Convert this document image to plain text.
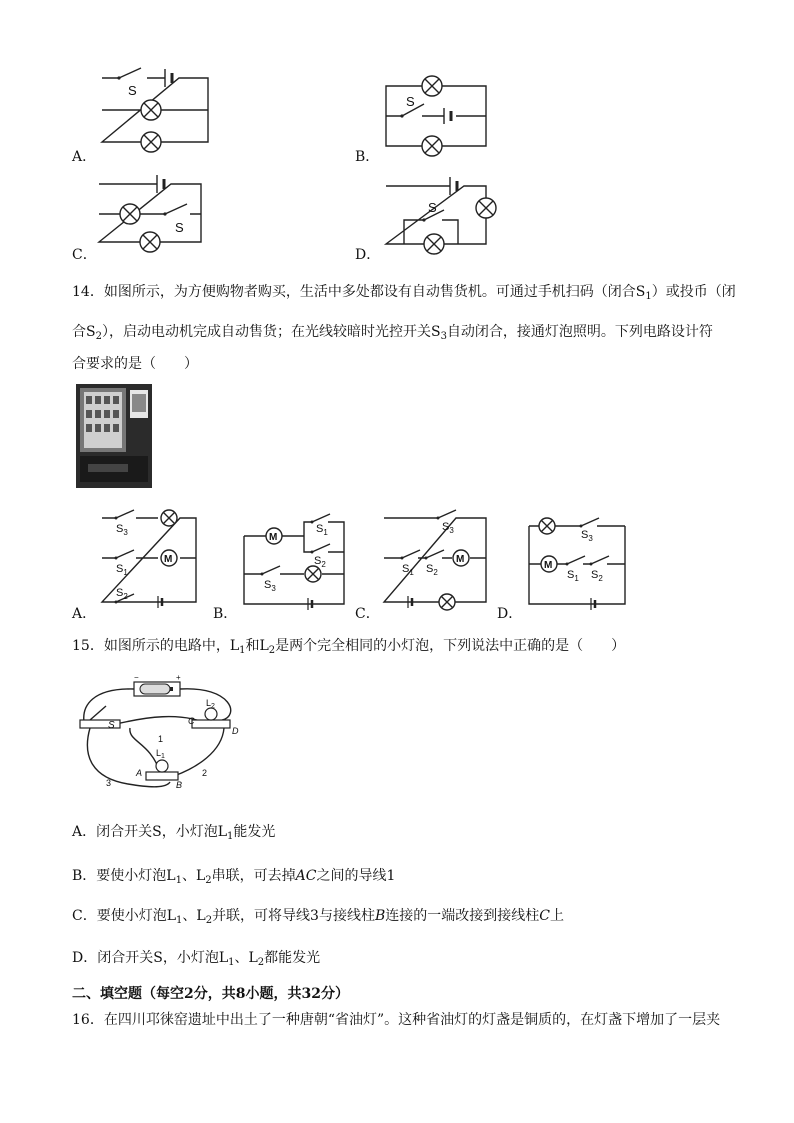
A．	B．
C．	D．
S
S
S
S
14．如图所示，为方便购物者购买，生活中多处都设有自动售货机。可通过手机扫码（闭合$S_1$）或投币（闭
合$S_2$），启动电动机完成自动售货；在光线较暗时光控开关$S_3$自动闭合，接通灯泡照明。下列电路设计符
合要求的是（　　）
A．	B．	C．	D．
$S_3$
$S_1$
$S_2$
M
M
$S_1$
$S_2$
$S_3$
$S_3$
$S_1$ $S_2$
M
M
$S_3$
$S_1$ $S_2$
15．如图所示的电路中，$L_1$和$L_2$是两个完全相同的小灯泡，下列说法中正确的是（　　）
−	+
S
$L_2$
C
D
$L_1$
A
B
1
2
3
A．闭合开关S，小灯泡$L_1$能发光
B．要使小灯泡$L_1$、$L_2$串联，可去掉AC之间的导线1
C．要使小灯泡$L_1$、$L_2$并联，可将导线3与接线柱B连接的一端改接到接线柱C上
D．闭合开关S，小灯泡$L_1$、$L_2$都能发光
二、填空题（每空2分，共8小题，共32分）
16．在四川邛徕窑遗址中出土了一种唐朝“省油灯”。这种省油灯的灯盏是铜质的，在灯盏下增加了一层夹
